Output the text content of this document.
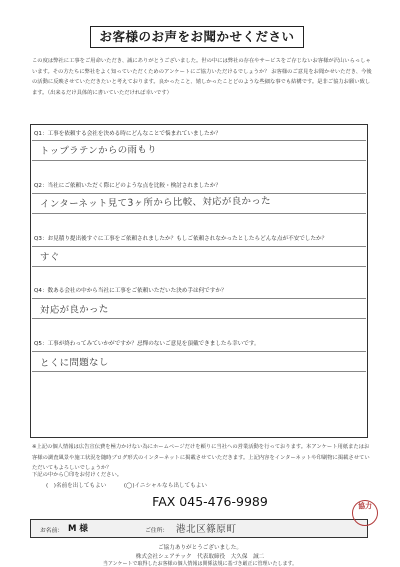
お客様のお声をお聞かせください
この度は弊社に工事をご用命いただき、誠にありがとうございました。世の中には弊社の存在やサービスをご存じないお客様が沢山いらっしゃいます。その方たちに弊社をよく知っていただくためのアンケートにご協力いただけるでしょうか？ お客様のご意見をお聞かせいただき、今後の活動に反映させていただきたいと考えております。良かったこと、嬉しかったことどのような些細な事でも結構です。是非ご協力お願い致します。（出来るだけ具体的に書いていただければ幸いです）
Q1：工事を依頼する会社を決める時にどんなことで悩まれていましたか？
トップラテンからの雨もり
Q2：当社にご依頼いただく際にどのような点を比較・検討されましたか？
インターネット見て3ヶ所から比較、対応が良かった
Q3：お見積り提出後すぐに工事をご依頼されましたか？もしご依頼されなかったとしたらどんな点が不安でしたか？
すぐ
Q4：数ある会社の中から当社に工事をご依頼いただいた決め手は何ですか？
対応が良かった
Q5：工事が終わってみていかがですか？忌憚のないご意見を頂戴できましたら幸いです。
とくに問題なし
※上記の個人情報は広告宣伝費を極力かけない為にホームページだけを頼りに当社への営業活動を行っております。本アンケート用紙またはお客様の調査風景や施工状況を随時ブログ形式のインターネットに掲載させていただきます。上記内容をインターネットや印刷物に掲載させていただいてもよろしいでしょうか？
下記の中から〇印をお付けください。
(　)名前を出してもよい	(◯)イニシャルなら出してもよい
お名前： M 様	ご住所： 港北区篠原町
FAX 045-476-9989
ご協力ありがとうございました。
株式会社シェアテック　代表取締役　大久保　誠二
当アンケートで取得したお客様の個人情報は関係法規に基づき厳正に管理いたします。
協力
